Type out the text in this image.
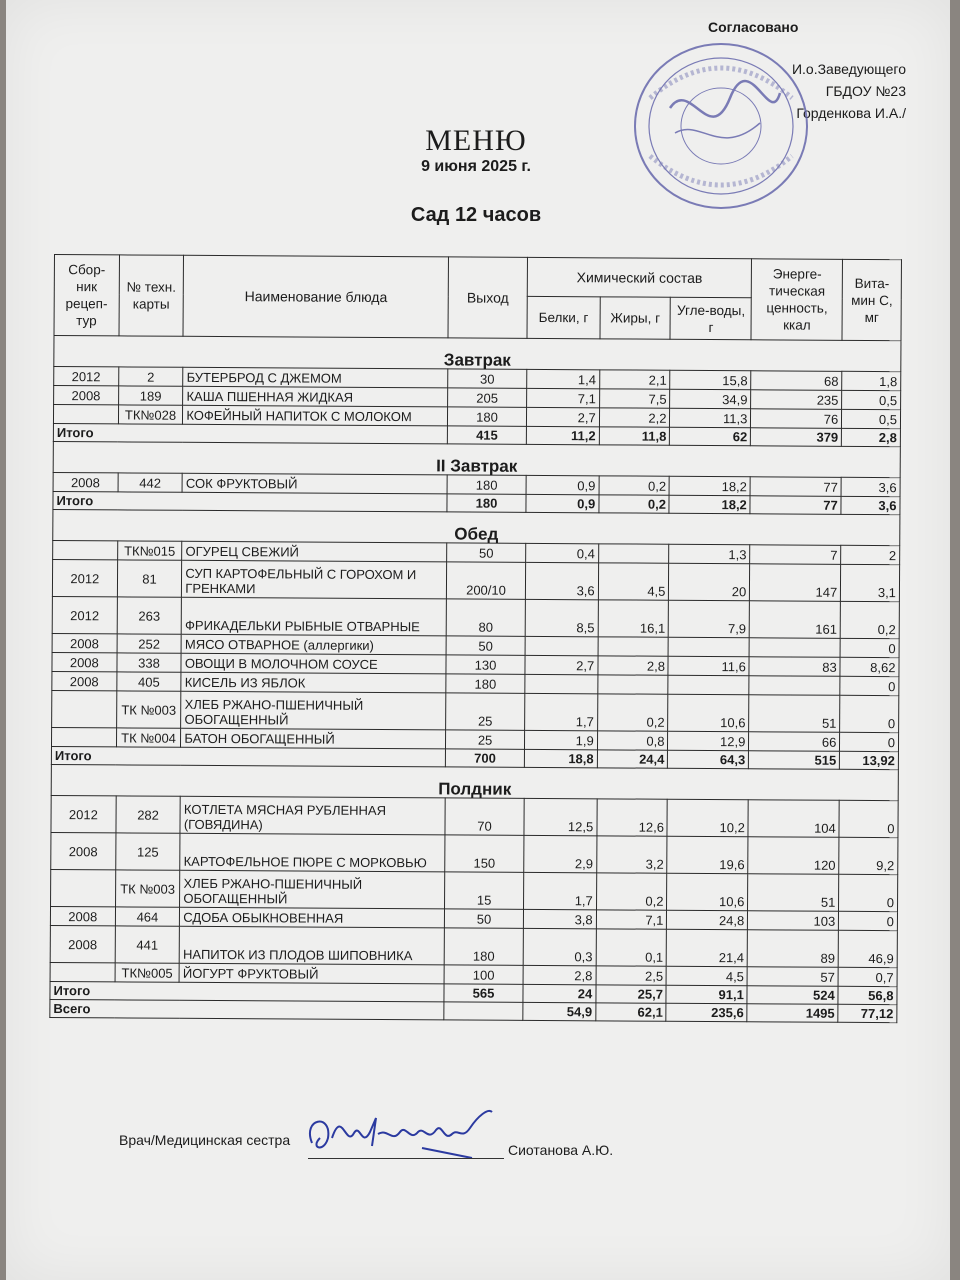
Согласовано
И.о.Заведующего
ГБДОУ №23
Горденкова И.А./
МЕНЮ
9 июня 2025 г.
Сад 12 часов
Сбор-ник рецеп-тур	№ техн. карты	Наименование блюда	Выход	Химический состав			Энерге-тическая ценность, ккал	Вита-мин С, мг
				Белки, г	Жиры, г	Угле-воды, г		
Завтрак								
2012	2	БУТЕРБРОД С ДЖЕМОМ	30	1,4	2,1	15,8	68	1,8
2008	189	КАША ПШЕННАЯ ЖИДКАЯ	205	7,1	7,5	34,9	235	0,5
	ТК№028	КОФЕЙНЫЙ НАПИТОК С МОЛОКОМ	180	2,7	2,2	11,3	76	0,5
Итого			415	11,2	11,8	62	379	2,8
II Завтрак								
2008	442	СОК ФРУКТОВЫЙ	180	0,9	0,2	18,2	77	3,6
Итого			180	0,9	0,2	18,2	77	3,6
Обед								
	ТК№015	ОГУРЕЦ СВЕЖИЙ	50	0,4		1,3	7	2
2012	81	СУП КАРТОФЕЛЬНЫЙ С ГОРОХОМ И ГРЕНКАМИ	200/10	3,6	4,5	20	147	3,1
2012	263	ФРИКАДЕЛЬКИ РЫБНЫЕ ОТВАРНЫЕ	80	8,5	16,1	7,9	161	0,2
2008	252	МЯСО ОТВАРНОЕ (аллергики)	50					0
2008	338	ОВОЩИ В МОЛОЧНОМ СОУСЕ	130	2,7	2,8	11,6	83	8,62
2008	405	КИСЕЛЬ ИЗ ЯБЛОК	180					0
	ТК №003	ХЛЕБ РЖАНО-ПШЕНИЧНЫЙ ОБОГАЩЕННЫЙ	25	1,7	0,2	10,6	51	0
	ТК №004	БАТОН ОБОГАЩЕННЫЙ	25	1,9	0,8	12,9	66	0
Итого			700	18,8	24,4	64,3	515	13,92
Полдник								
2012	282	КОТЛЕТА МЯСНАЯ РУБЛЕННАЯ (ГОВЯДИНА)	70	12,5	12,6	10,2	104	0
2008	125	КАРТОФЕЛЬНОЕ ПЮРЕ С МОРКОВЬЮ	150	2,9	3,2	19,6	120	9,2
	ТК №003	ХЛЕБ РЖАНО-ПШЕНИЧНЫЙ ОБОГАЩЕННЫЙ	15	1,7	0,2	10,6	51	0
2008	464	СДОБА ОБЫКНОВЕННАЯ	50	3,8	7,1	24,8	103	0
2008	441	НАПИТОК ИЗ ПЛОДОВ ШИПОВНИКА	180	0,3	0,1	21,4	89	46,9
	ТК№005	ЙОГУРТ ФРУКТОВЫЙ	100	2,8	2,5	4,5	57	0,7
Итого			565	24	25,7	91,1	524	56,8
Всего				54,9	62,1	235,6	1495	77,12
Врач/Медицинская сестра
Сиотанова А.Ю.
